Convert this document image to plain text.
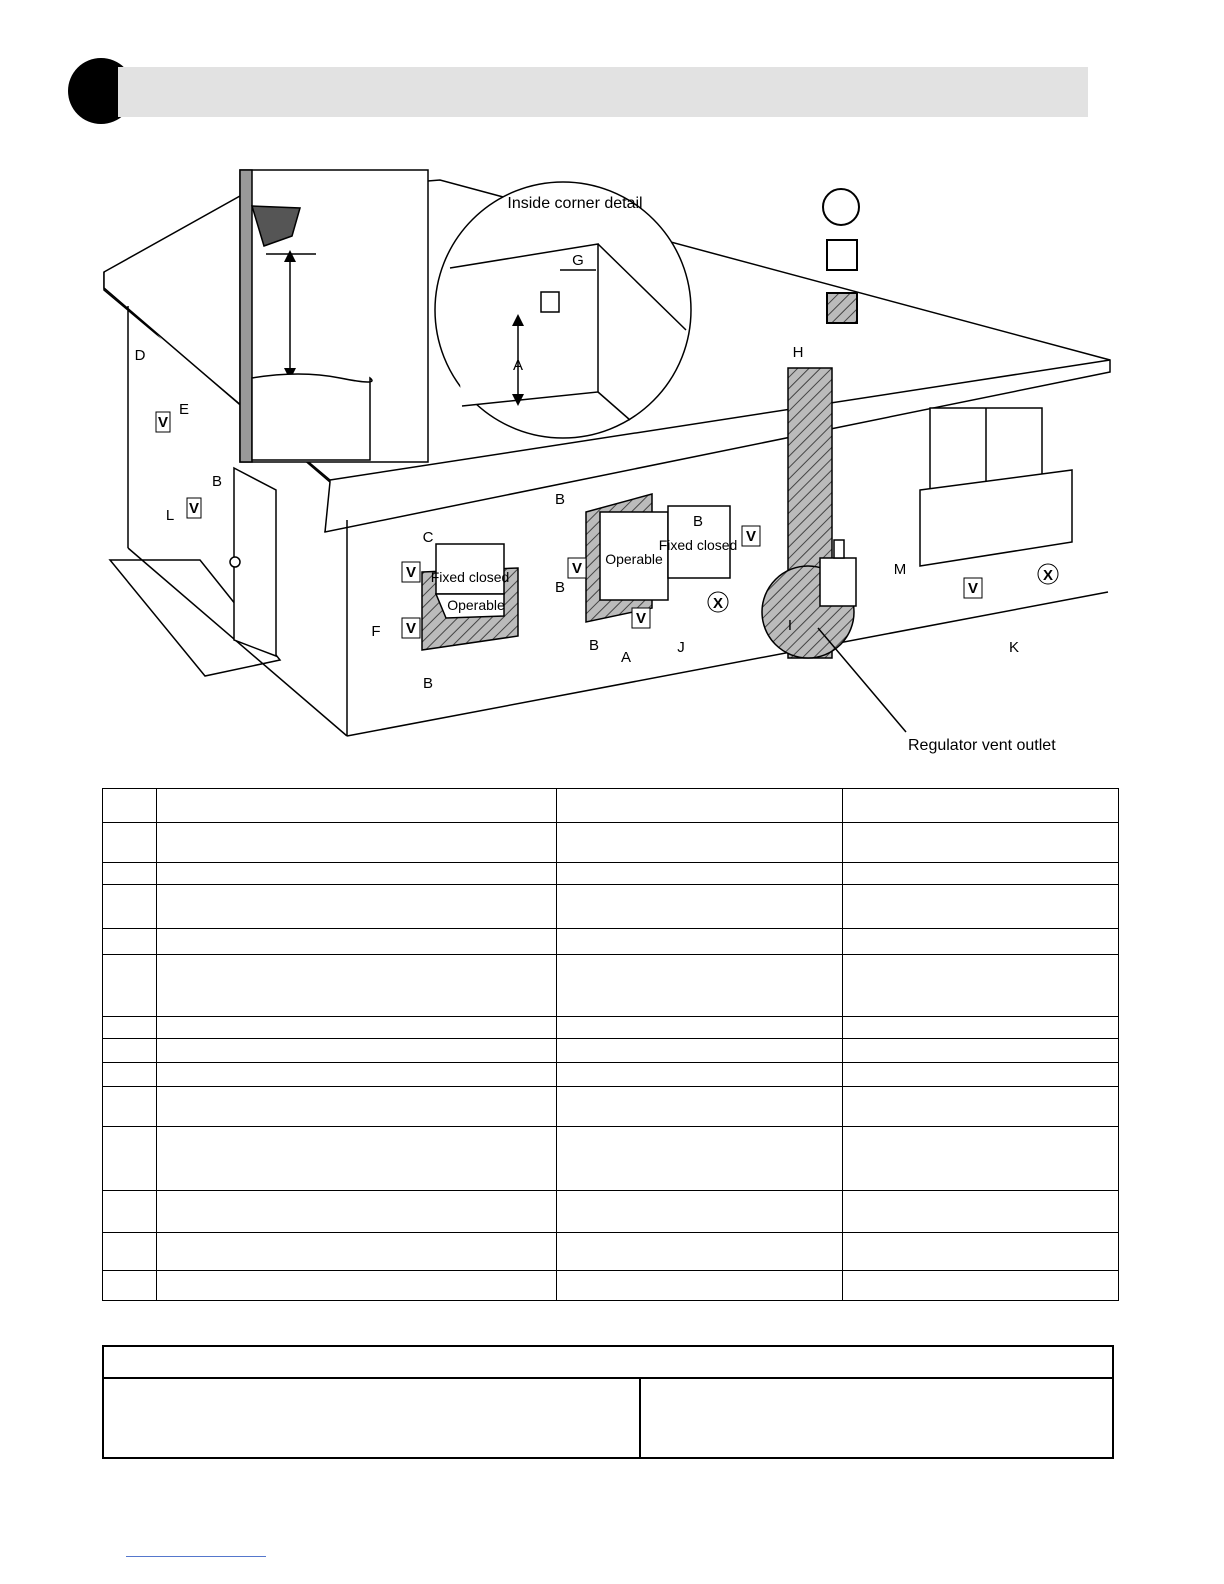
Inside corner detail
V
V
V
V
V
V
V
V
X
X
D
E
B
L
C
F
B
B
B
B
A
J
B
G
A
H
I
M
K
Fixed closed
Operable
Operable
Fixed closed
Regulator vent outlet
